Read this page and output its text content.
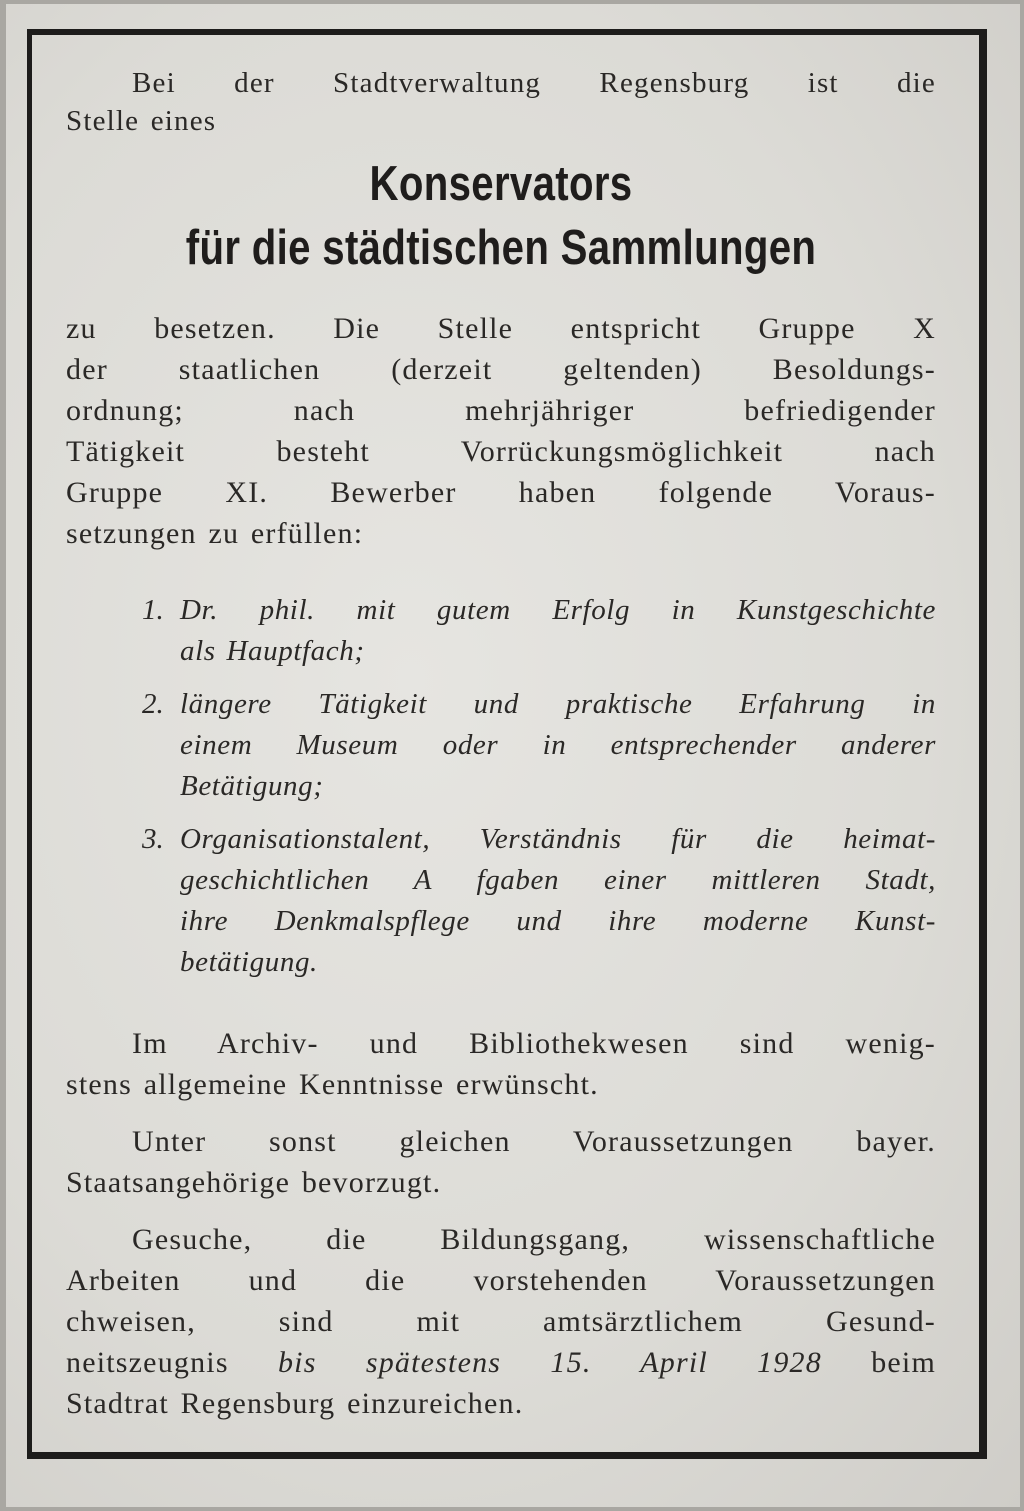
Bei der Stadtverwaltung Regensburg ist die
Stelle eines
Konservators
für die städtischen Sammlungen
zu besetzen. Die Stelle entspricht Gruppe X
der staatlichen (derzeit geltenden) Besoldungs-
ordnung; nach mehrjähriger befriedigender
Tätigkeit besteht Vorrückungsmöglichkeit nach
Gruppe XI. Bewerber haben folgende Voraus-
setzungen zu erfüllen:
1. Dr. phil. mit gutem Erfolg in Kunstgeschichte
als Hauptfach;
2. längere Tätigkeit und praktische Erfahrung in
einem Museum oder in entsprechender anderer
Betätigung;
3. Organisationstalent, Verständnis für die heimat-
geschichtlichen A fgaben einer mittleren Stadt,
ihre Denkmalspflege und ihre moderne Kunst-
betätigung.
Im Archiv- und Bibliothekwesen sind wenig-
stens allgemeine Kenntnisse erwünscht.
Unter sonst gleichen Voraussetzungen bayer.
Staatsangehörige bevorzugt.
Gesuche, die Bildungsgang, wissenschaftliche
Arbeiten und die vorstehenden Voraussetzungen
chweisen, sind mit amtsärztlichem Gesund-
neitszeugnis bis spätestens 15. April 1928 beim
Stadtrat Regensburg einzureichen.
